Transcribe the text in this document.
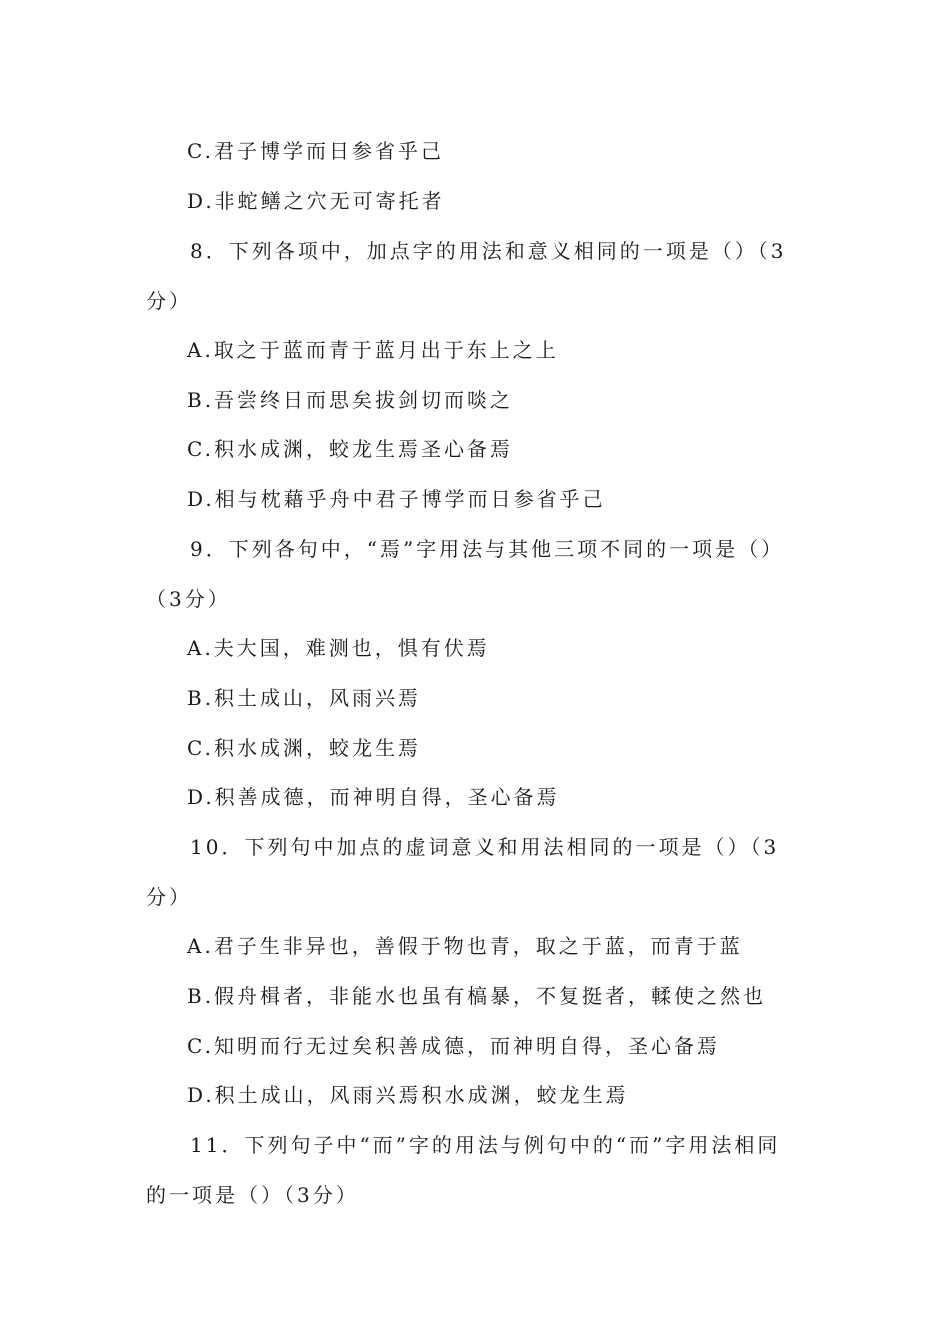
C.君子博学而日参省乎己
D.非蛇鳝之穴无可寄托者
8．下列各项中，加点字的用法和意义相同的一项是（）（3
分）
A.取之于蓝而青于蓝月出于东上之上
B.吾尝终日而思矣拔剑切而啖之
C.积水成渊，蛟龙生焉圣心备焉
D.相与枕藉乎舟中君子博学而日参省乎己
9．下列各句中，“焉”字用法与其他三项不同的一项是（）
（3分）
A.夫大国，难测也，惧有伏焉
B.积土成山，风雨兴焉
C.积水成渊，蛟龙生焉
D.积善成德，而神明自得，圣心备焉
10．下列句中加点的虚词意义和用法相同的一项是（）（3
分）
A.君子生非异也，善假于物也青，取之于蓝，而青于蓝
B.假舟楫者，非能水也虽有槁暴，不复挺者，輮使之然也
C.知明而行无过矣积善成德，而神明自得，圣心备焉
D.积土成山，风雨兴焉积水成渊，蛟龙生焉
11．下列句子中“而”字的用法与例句中的“而”字用法相同
的一项是（）（3分）
